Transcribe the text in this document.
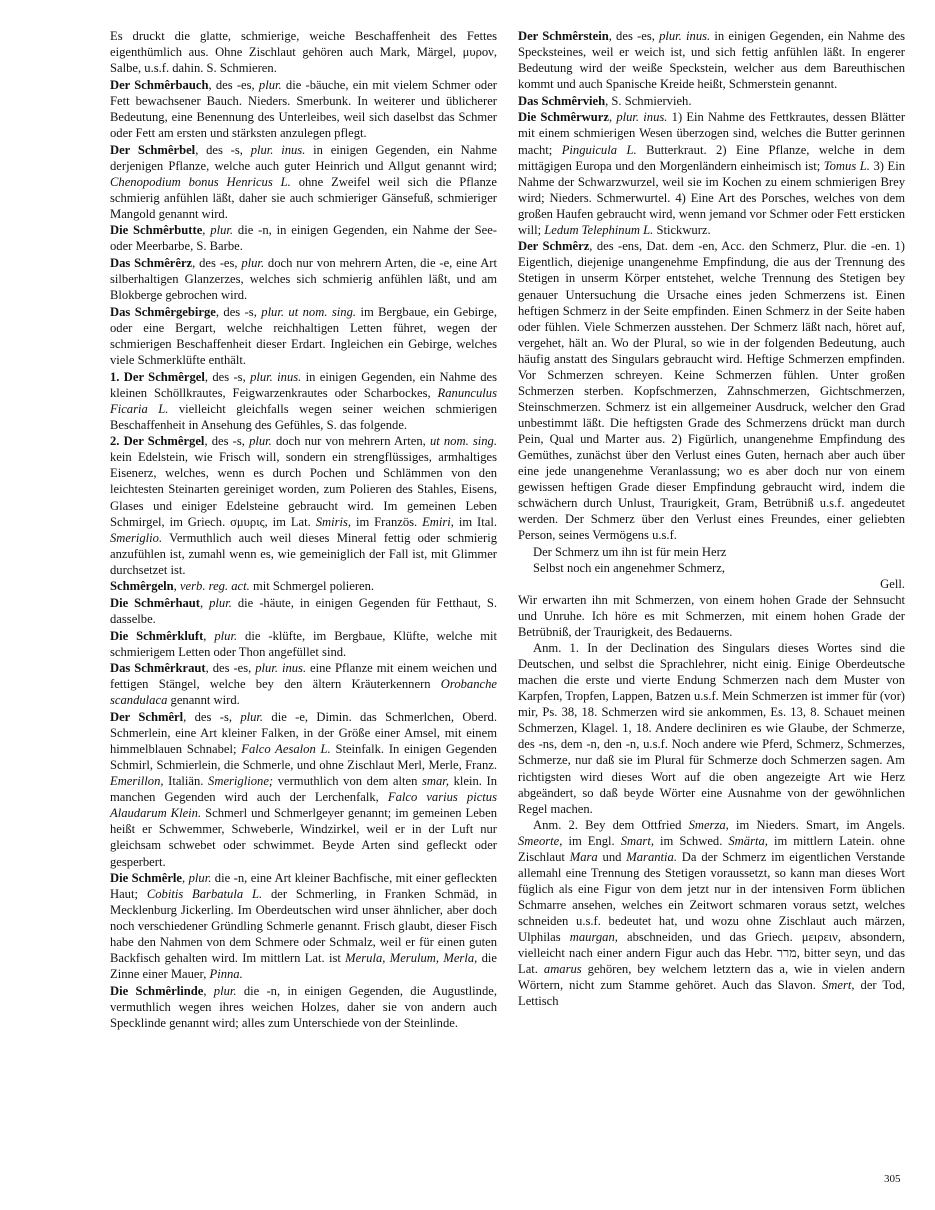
Es druckt die glatte, schmierige, weiche Beschaffenheit des Fettes eigenthümlich aus. Ohne Zischlaut gehören auch Mark, Märgel, μυρον, Salbe, u.s.f. dahin. S. Schmieren.

Der Schmêrbauch, des -es, plur. die -bäuche, ein mit vielem Schmer oder Fett bewachsener Bauch. Nieders. Smerbunk. In weiterer und üblicherer Bedeutung, eine Benennung des Unterleibes, weil sich daselbst das Schmer oder Fett am ersten und stärksten anzulegen pflegt.

Der Schmêrbel, des -s, plur. inus. in einigen Gegenden, ein Nahme derjenigen Pflanze, welche auch guter Heinrich und Allgut genannt wird; Chenopodium bonus Henricus L. ohne Zweifel weil sich die Pflanze schmierig anfühlen läßt, daher sie auch schmieriger Gänsefuß, schmieriger Mangold genannt wird.

Die Schmêrbutte, plur. die -n, in einigen Gegenden, ein Nahme der See- oder Meerbarbe, S. Barbe.

Das Schmêrêrz, des -es, plur. doch nur von mehrern Arten, die -e, eine Art silberhaltigen Glanzerzes, welches sich schmierig anfühlen läßt, und am Blokberge gebrochen wird.

Das Schmêrgebirge, des -s, plur. ut nom. sing. im Bergbaue, ein Gebirge, oder eine Bergart, welche reichhaltigen Letten führet, wegen der schmierigen Beschaffenheit dieser Erdart. Ingleichen ein Gebirge, welches viele Schmerklüfte enthält.

1. Der Schmêrgel, des -s, plur. inus. in einigen Gegenden, ein Nahme des kleinen Schöllkrautes, Feigwarzenkrautes oder Scharbockes, Ranunculus Ficaria L. vielleicht gleichfalls wegen seiner weichen schmierigen Beschaffenheit in Ansehung des Gefühles, S. das folgende.

2. Der Schmêrgel, des -s, plur. doch nur von mehrern Arten, ut nom. sing. kein Edelstein, wie Frisch will, sondern ein strengflüssiges, armhaltiges Eisenerz, welches, wenn es durch Pochen und Schlämmen von den leichtesten Steinarten gereiniget worden, zum Polieren des Stahles, Eisens, Glases und einiger Edelsteine gebraucht wird. Im gemeinen Leben Schmirgel, im Griech. σμυρις, im Lat. Smiris, im Französ. Emiri, im Ital. Smeriglio. Vermuthlich auch weil dieses Mineral fettig oder schmierig anzufühlen ist, zumahl wenn es, wie gemeiniglich der Fall ist, mit Glimmer durchsetzet ist.

Schmêrgeln, verb. reg. act. mit Schmergel polieren.

Die Schmêrhaut, plur. die -häute, in einigen Gegenden für Fetthaut, S. dasselbe.

Die Schmêrkluft, plur. die -klüfte, im Bergbaue, Klüfte, welche mit schmierigem Letten oder Thon angefüllet sind.

Das Schmêrkraut, des -es, plur. inus. eine Pflanze mit einem weichen und fettigen Stängel, welche bey den ältern Kräuterkennern Orobanche scandulaca genannt wird.

Der Schmêrl, des -s, plur. die -e, Dimin. das Schmerlchen, Oberd. Schmerlein, eine Art kleiner Falken, in der Größe einer Amsel, mit einem himmelblauen Schnabel; Falco Aesalon L. Steinfalk. In einigen Gegenden Schmirl, Schmierlein, die Schmerle, und ohne Zischlaut Merl, Merle, Franz. Emerillon, Italiän. Smeriglione; vermuthlich von dem alten smar, klein. In manchen Gegenden wird auch der Lerchenfalk, Falco varius pictus Alaudarum Klein. Schmerl und Schmerlgeyer genannt; im gemeinen Leben heißt er Schwemmer, Schweberle, Windzirkel, weil er in der Luft nur gleichsam schwebet oder schwimmet. Beyde Arten sind gefleckt oder gesperbert.

Die Schmêrle, plur. die -n, eine Art kleiner Bachfische, mit einer gefleckten Haut; Cobitis Barbatula L. der Schmerling, in Franken Schmäd, in Mecklenburg Jickerling. Im Oberdeutschen wird unser ähnlicher, aber doch noch verschiedener Gründling Schmerle genannt. Frisch glaubt, dieser Fisch habe den Nahmen von dem Schmere oder Schmalz, weil er für einen guten Backfisch gehalten wird. Im mittlern Lat. ist Merula, Merulum, Merla, die Zinne einer Mauer, Pinna.

Die Schmêrlinde, plur. die -n, in einigen Gegenden, die Augustlinde, vermuthlich wegen ihres weichen Holzes, daher sie von andern auch Specklinde genannt wird; alles zum Unterschiede von der Steinlinde.

Der Schmêrstein, des -es, plur. inus. in einigen Gegenden, ein Nahme des Specksteines, weil er weich ist, und sich fettig anfühlen läßt. In engerer Bedeutung wird der weiße Speckstein, welcher aus dem Bareuthischen kommt und auch Spanische Kreide heißt, Schmerstein genannt.

Das Schmêrvieh, S. Schmiervieh.

Die Schmêrwurz, plur. inus. 1) Ein Nahme des Fettkrautes, dessen Blätter mit einem schmierigen Wesen überzogen sind, welches die Butter gerinnen macht; Pinguicula L. Butterkraut. 2) Eine Pflanze, welche in dem mittägigen Europa und den Morgenländern einheimisch ist; Tomus L. 3) Ein Nahme der Schwarzwurzel, weil sie im Kochen zu einem schmierigen Brey wird; Nieders. Schmerwurtel. 4) Eine Art des Porsches, welches von dem großen Haufen gebraucht wird, wenn jemand vor Schmer oder Fett ersticken will; Ledum Telephinum L. Stickwurz.

Der Schmêrz, des -ens, Dat. dem -en, Acc. den Schmerz, Plur. die -en. 1) Eigentlich, diejenige unangenehme Empfindung, die aus der Trennung des Stetigen in unserm Körper entstehet, welche Trennung des Stetigen bey genauer Untersuchung die Ursache eines jeden Schmerzens ist. Einen heftigen Schmerz in der Seite empfinden. Einen Schmerz in der Seite haben oder fühlen. Viele Schmerzen ausstehen. Der Schmerz läßt nach, höret auf, vergehet, hält an. Wo der Plural, so wie in der folgenden Bedeutung, auch häufig anstatt des Singulars gebraucht wird. Heftige Schmerzen empfinden. Vor Schmerzen schreyen. Keine Schmerzen fühlen. Unter großen Schmerzen sterben. Kopfschmerzen, Zahnschmerzen, Gichtschmerzen, Steinschmerzen. Schmerz ist ein allgemeiner Ausdruck, welcher den Grad unbestimmt läßt. Die heftigsten Grade des Schmerzens drückt man durch Pein, Qual und Marter aus. 2) Figürlich, unangenehme Empfindung des Gemüthes, zunächst über den Verlust eines Guten, hernach aber auch über eine jede unangenehme Veranlassung; wo es aber doch nur von einem gewissen heftigen Grade dieser Empfindung gebraucht wird, indem die schwächern durch Unlust, Traurigkeit, Gram, Betrübniß u.s.f. angedeutet werden. Der Schmerz über den Verlust eines Freundes, einer geliebten Person, seines Vermögens u.s.f.

Der Schmerz um ihn ist für mein Herz

Selbst noch ein angenehmer Schmerz,

Gell.

Wir erwarten ihn mit Schmerzen, von einem hohen Grade der Sehnsucht und Unruhe. Ich höre es mit Schmerzen, mit einem hohen Grade der Betrübniß, der Traurigkeit, des Bedauerns.

Anm. 1. In der Declination des Singulars dieses Wortes sind die Deutschen, und selbst die Sprachlehrer, nicht einig. Einige Oberdeutsche machen die erste und vierte Endung Schmerzen nach dem Muster von Karpfen, Tropfen, Lappen, Batzen u.s.f. Mein Schmerzen ist immer für (vor) mir, Ps. 38, 18. Schmerzen wird sie ankommen, Es. 13, 8. Schauet meinen Schmerzen, Klagel. 1, 18. Andere decliniren es wie Glaube, der Schmerze, des -ns, dem -n, den -n, u.s.f. Noch andere wie Pferd, Schmerz, Schmerzes, Schmerze, nur daß sie im Plural für Schmerze doch Schmerzen sagen. Am richtigsten wird dieses Wort auf die oben angezeigte Art wie Herz abgeändert, so daß beyde Wörter eine Ausnahme von der gewöhnlichen Regel machen.

Anm. 2. Bey dem Ottfried Smerza, im Nieders. Smart, im Angels. Smeorte, im Engl. Smart, im Schwed. Smärta, im mittlern Latein. ohne Zischlaut Mara und Marantia. Da der Schmerz im eigentlichen Verstande allemahl eine Trennung des Stetigen voraussetzt, so kann man dieses Wort füglich als eine Figur von dem jetzt nur in der intensiven Form üblichen Schmarre ansehen, welches ein Zeitwort schmaren voraus setzt, welches schneiden u.s.f. bedeutet hat, und wozu ohne Zischlaut auch märzen, Ulphilas maurgan, abschneiden, und das Griech. μειρειν, absondern, vielleicht nach einer andern Figur auch das Hebr. מרר, bitter seyn, und das Lat. amarus gehören, bey welchem letztern das a, wie in vielen andern Wörtern, nicht zum Stamme gehöret. Auch das Slavon. Smert, der Tod, Lettisch

305
